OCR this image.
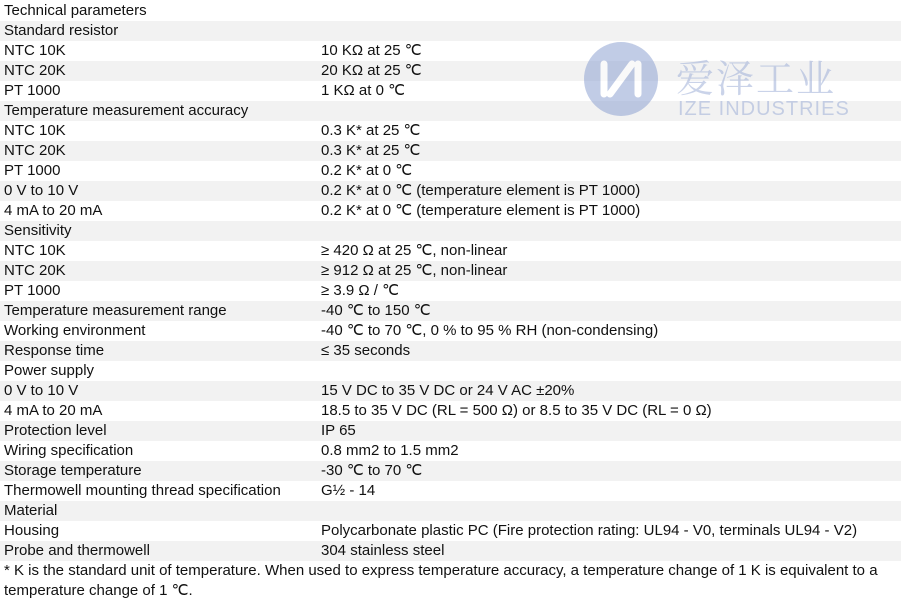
Technical parameters
Standard resistor
NTC 10K	10 KΩ at 25 ℃
NTC 20K	20 KΩ at 25 ℃
PT 1000	1 KΩ at 0 ℃
Temperature measurement accuracy
NTC 10K	0.3 K* at 25 ℃
NTC 20K	0.3 K* at 25 ℃
PT 1000	0.2 K* at 0 ℃
0 V to 10 V	0.2 K* at 0 ℃ (temperature element is PT 1000)
4 mA to 20 mA	0.2 K* at 0 ℃ (temperature element is PT 1000)
Sensitivity
NTC 10K	≥ 420 Ω at 25 ℃, non-linear
NTC 20K	≥ 912 Ω at 25 ℃, non-linear
PT 1000	≥ 3.9 Ω / ℃
Temperature measurement range	-40 ℃ to 150 ℃
Working environment	-40 ℃ to 70 ℃, 0 % to 95 % RH (non-condensing)
Response time	≤ 35 seconds
Power supply
0 V to 10 V	15 V DC to 35 V DC or 24 V AC ±20%
4 mA to 20 mA	18.5 to 35 V DC (RL = 500 Ω) or 8.5 to 35 V DC (RL = 0 Ω)
Protection level	IP 65
Wiring specification	0.8 mm2 to 1.5 mm2
Storage temperature	-30 ℃ to 70 ℃
Thermowell mounting thread specification	G½ - 14
Material
Housing	Polycarbonate plastic PC (Fire protection rating: UL94 - V0, terminals UL94 - V2)
Probe and thermowell	304 stainless steel
* K is the standard unit of temperature. When used to express temperature accuracy, a temperature change of 1 K is equivalent to a temperature change of 1 ℃.
爱泽工业
IZE INDUSTRIES
